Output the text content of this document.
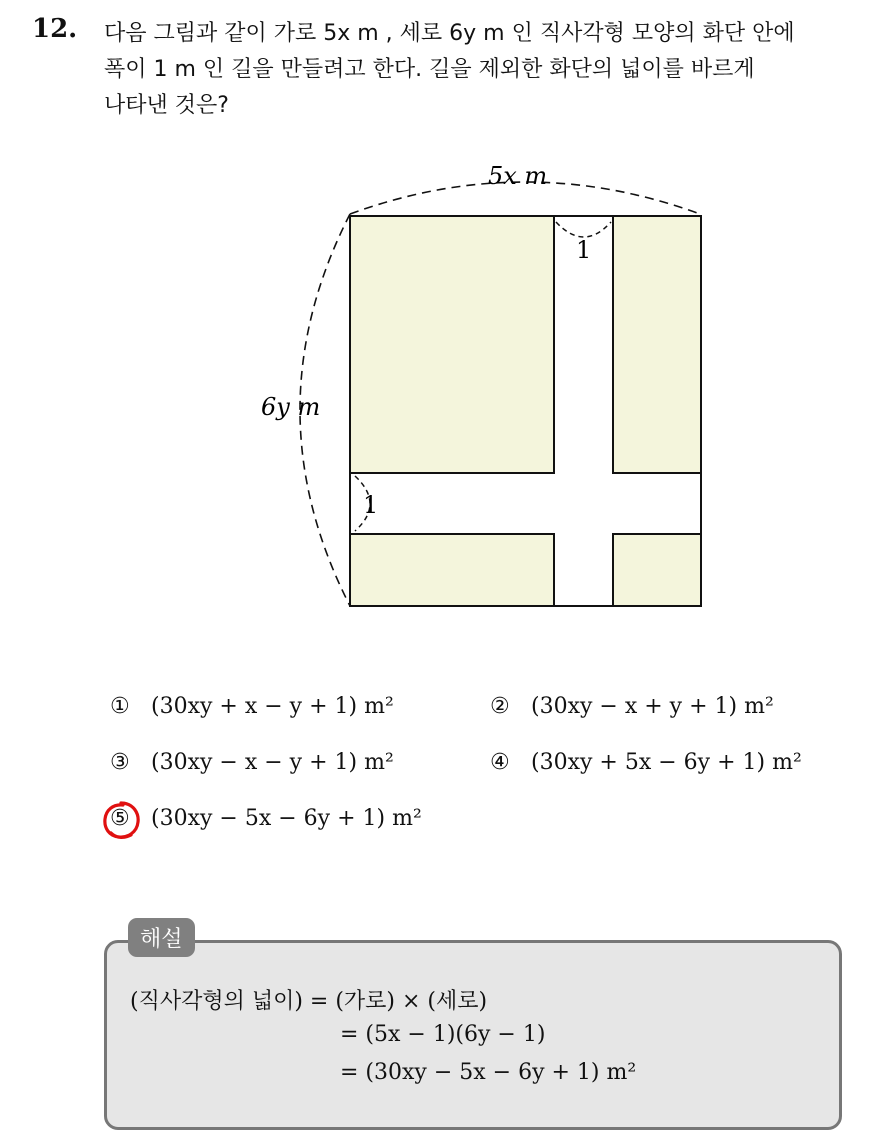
12. 다음 그림과 같이 가로 5x m , 세로 6y m 인 직사각형 모양의 화단 안에
폭이 1 m 인 길을 만들려고 한다. 길을 제외한 화단의 넓이를 바르게
나타낸 것은?
5x m
6y m
1
1
① (30xy + x − y + 1) m²	② (30xy − x + y + 1) m²
③ (30xy − x − y + 1) m²	④ (30xy + 5x − 6y + 1) m²
⑤ (30xy − 5x − 6y + 1) m²
해설
(직사각형의 넓이) = (가로) × (세로)
= (5x − 1)(6y − 1)
= (30xy − 5x − 6y + 1) m²
